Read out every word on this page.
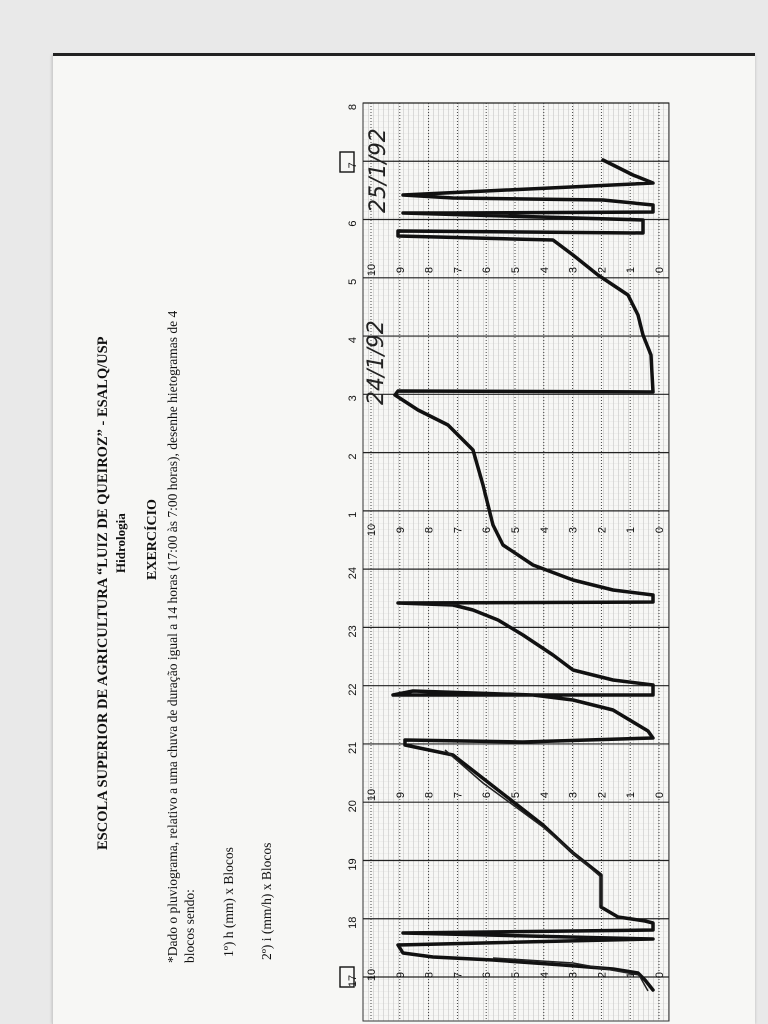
17
18
19
20
21
22
23
24
1
2
3
4
5
6
7
8
0
0
0
0
1
1
1
1
2
2
2
2
3
3
3
3
4
4
4
4
5
5
5
5
6
6
6
6
7
7
7
7
8
8
8
8
9
9
9
9
10
10
10
10
24/1/92
25/1/92
ESCOLA SUPERIOR DE AGRICULTURA “LUIZ DE QUEIROZ” - ESALQ/USP Hidrologia EXERCÍCIO *Dado o pluviograma, relativo a uma chuva de duração igual a 14 horas (17:00 às 7:00 horas), desenhe hietogramas de 4 blocos sendo: 1º) h (mm) x Blocos 2º) i (mm/h) x Blocos
